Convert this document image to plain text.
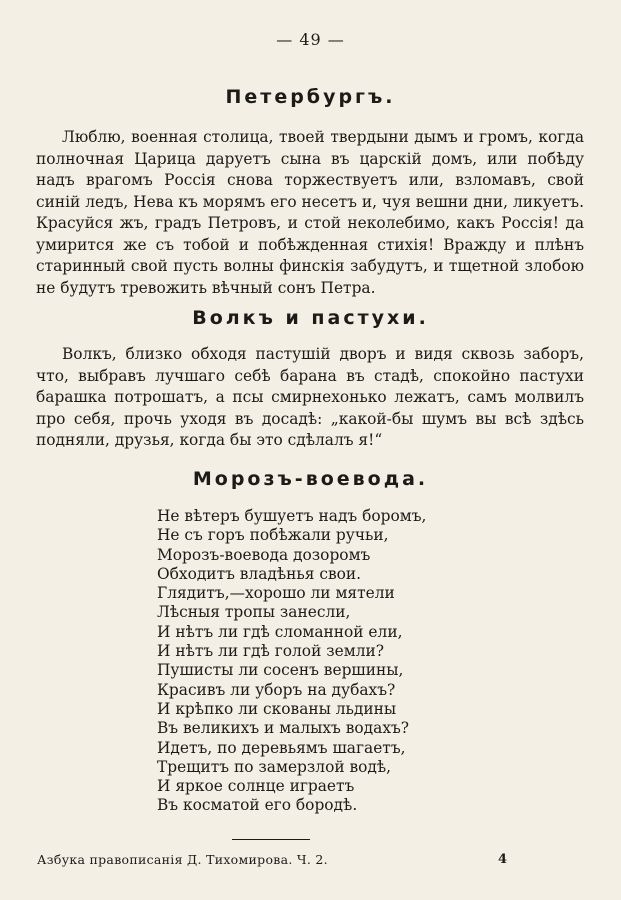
— 49 —
Петербургъ.

Люблю, военная столица, твоей твердыни дымъ и громъ, когда полночная Царица даруетъ сына въ царскій домъ, или побѣду надъ врагомъ Россія снова торжествуетъ или, взломавъ, свой синій ледъ, Нева къ морямъ его несетъ и, чуя вешни дни, ликуетъ. Красуйся жъ, градъ Петровъ, и стой неколебимо, какъ Россія! да умирится же съ тобой и побѣжденная стихія! Вражду и плѣнъ старинный свой пусть волны финскія забудутъ, и тщетной злобою не будутъ тревожить вѣчный сонъ Петра.

Волкъ и пастухи.

Волкъ, близко обходя пастушій дворъ и видя сквозь заборъ, что, выбравъ лучшаго себѣ барана въ стадѣ, спокойно пастухи барашка потрошатъ, а псы смирнехонько лежатъ, самъ молвилъ про себя, прочь уходя въ досадѣ: „какой-бы шумъ вы всѣ здѣсь подняли, друзья, когда бы это сдѣлалъ я!“

Морозъ-воевода.
Не вѣтеръ бушуетъ надъ боромъ,
Не съ горъ побѣжали ручьи,
Морозъ-воевода дозоромъ
Обходитъ владѣнья свои.
Глядитъ,—хорошо ли мятели
Лѣсныя тропы занесли,
И нѣтъ ли гдѣ сломанной ели,
И нѣтъ ли гдѣ голой земли?
Пушисты ли сосенъ вершины,
Красивъ ли уборъ на дубахъ?
И крѣпко ли скованы льдины
Въ великихъ и малыхъ водахъ?
Идетъ, по деревьямъ шагаетъ,
Трещитъ по замерзлой водѣ,
И яркое солнце играетъ
Въ косматой его бородѣ.
Азбука правописанія Д. Тихомирова. Ч. 2.	4
